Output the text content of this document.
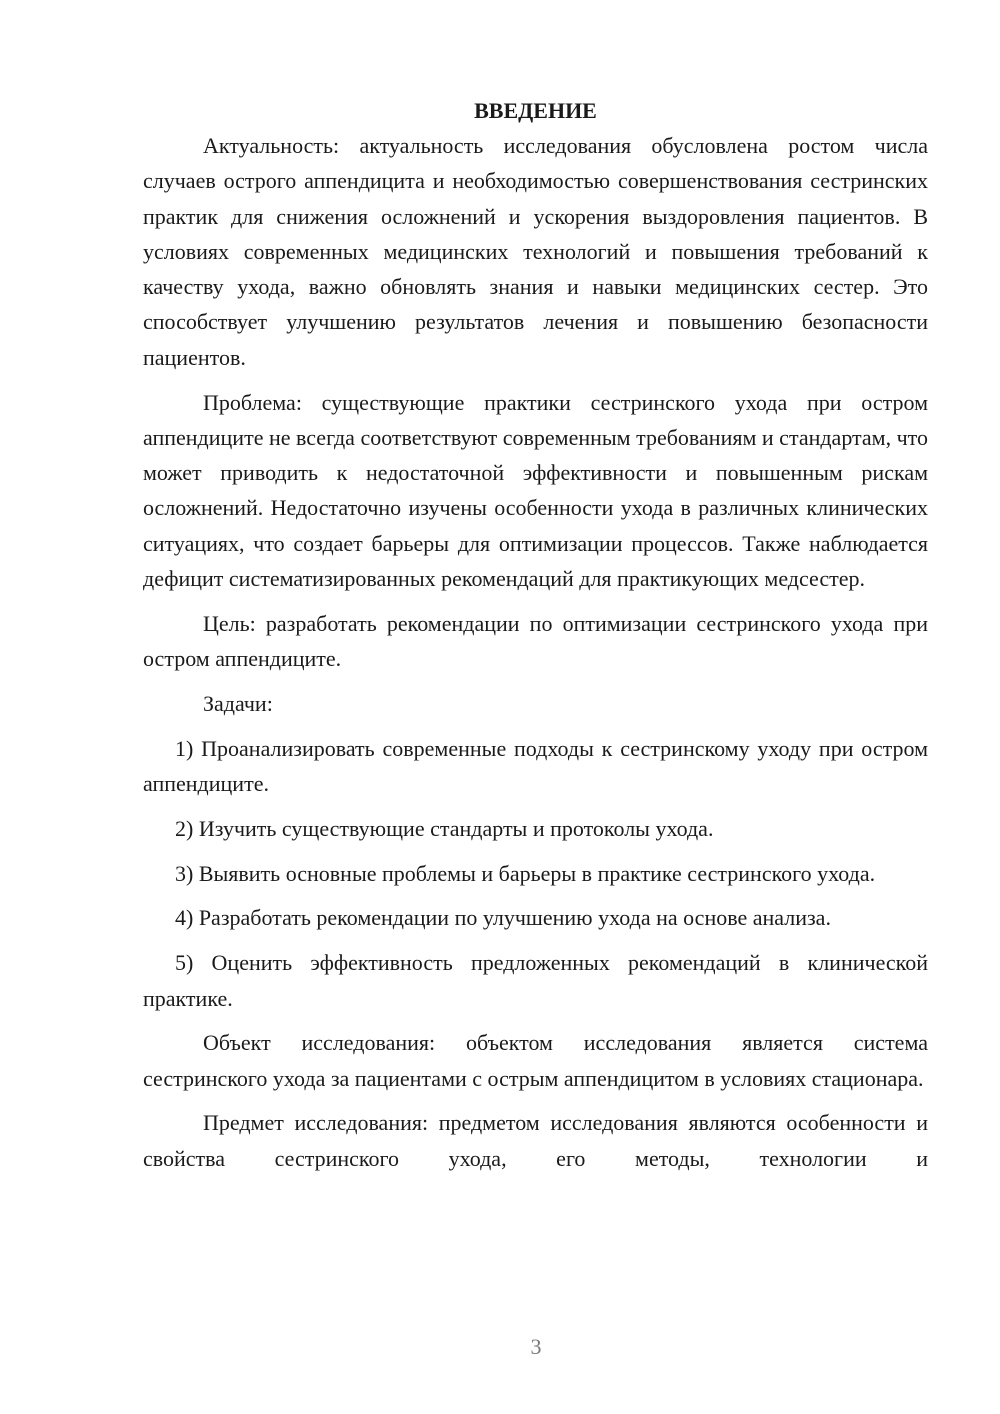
ВВЕДЕНИЕ

Актуальность: актуальность исследования обусловлена ростом числа случаев острого аппендицита и необходимостью совершенствования сестринских практик для снижения осложнений и ускорения выздоровления пациентов. В условиях современных медицинских технологий и повышения требований к качеству ухода, важно обновлять знания и навыки медицинских сестер. Это способствует улучшению результатов лечения и повышению безопасности пациентов.

Проблема: существующие практики сестринского ухода при остром аппендиците не всегда соответствуют современным требованиям и стандартам, что может приводить к недостаточной эффективности и повышенным рискам осложнений. Недостаточно изучены особенности ухода в различных клинических ситуациях, что создает барьеры для оптимизации процессов. Также наблюдается дефицит систематизированных рекомендаций для практикующих медсестер.

Цель: разработать рекомендации по оптимизации сестринского ухода при остром аппендиците.

Задачи:

1) Проанализировать современные подходы к сестринскому уходу при остром аппендиците.

2) Изучить существующие стандарты и протоколы ухода.

3) Выявить основные проблемы и барьеры в практике сестринского ухода.

4) Разработать рекомендации по улучшению ухода на основе анализа.

5) Оценить эффективность предложенных рекомендаций в клинической практике.

Объект исследования: объектом исследования является система сестринского ухода за пациентами с острым аппендицитом в условиях стационара.

Предмет исследования: предметом исследования являются особенности и свойства сестринского ухода, его методы, технологии и

3
